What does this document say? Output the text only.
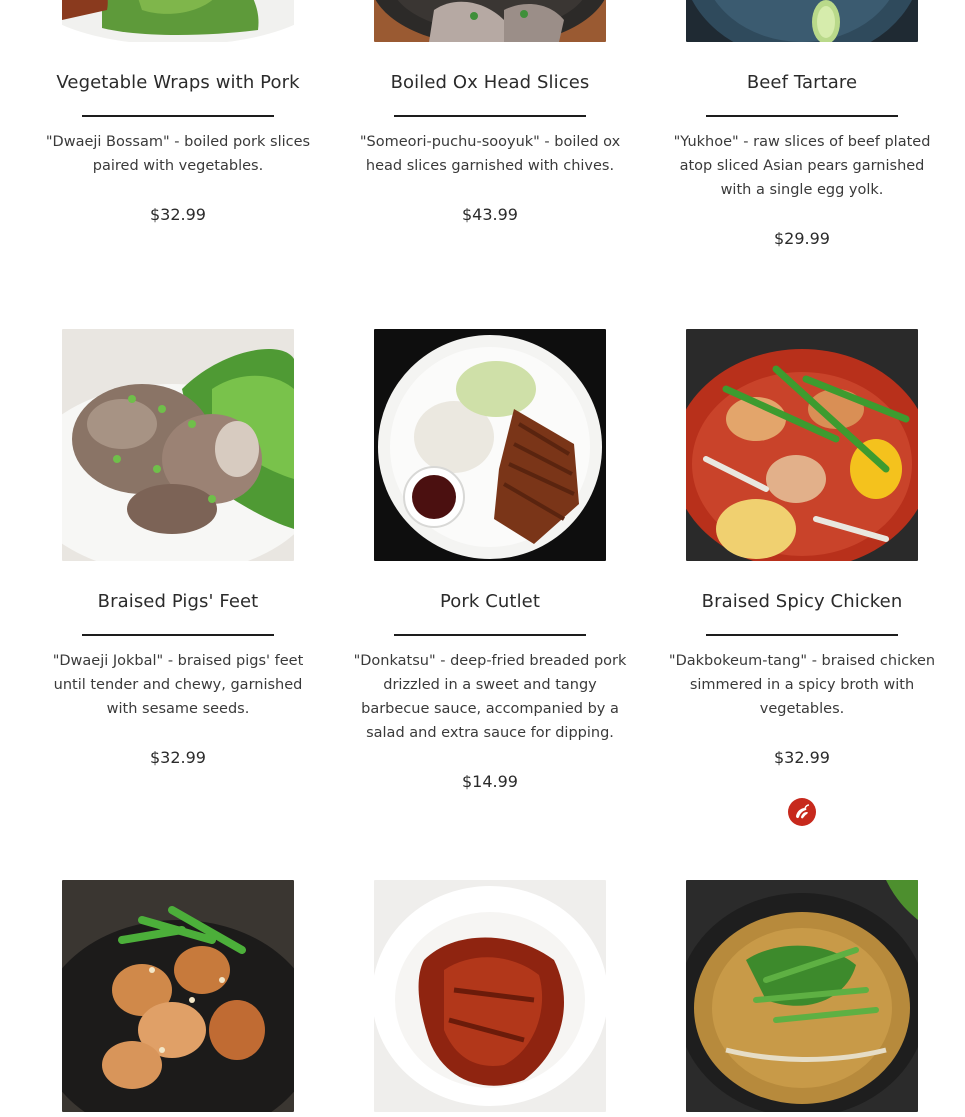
Vegetable Wraps with Pork
"Dwaeji Bossam" - boiled pork slices paired with vegetables.
$32.99
Boiled Ox Head Slices
"Someori-puchu-sooyuk" - boiled ox head slices garnished with chives.
$43.99
Beef Tartare
"Yukhoe" - raw slices of beef plated atop sliced Asian pears garnished with a single egg yolk.
$29.99
Braised Pigs' Feet
"Dwaeji Jokbal" - braised pigs' feet until tender and chewy, garnished with sesame seeds.
$32.99
Pork Cutlet
"Donkatsu" - deep-fried breaded pork drizzled in a sweet and tangy barbecue sauce, accompanied by a salad and extra sauce for dipping.
$14.99
Braised Spicy Chicken
"Dakbokeum-tang" - braised chicken simmered in a spicy broth with vegetables.
$32.99
